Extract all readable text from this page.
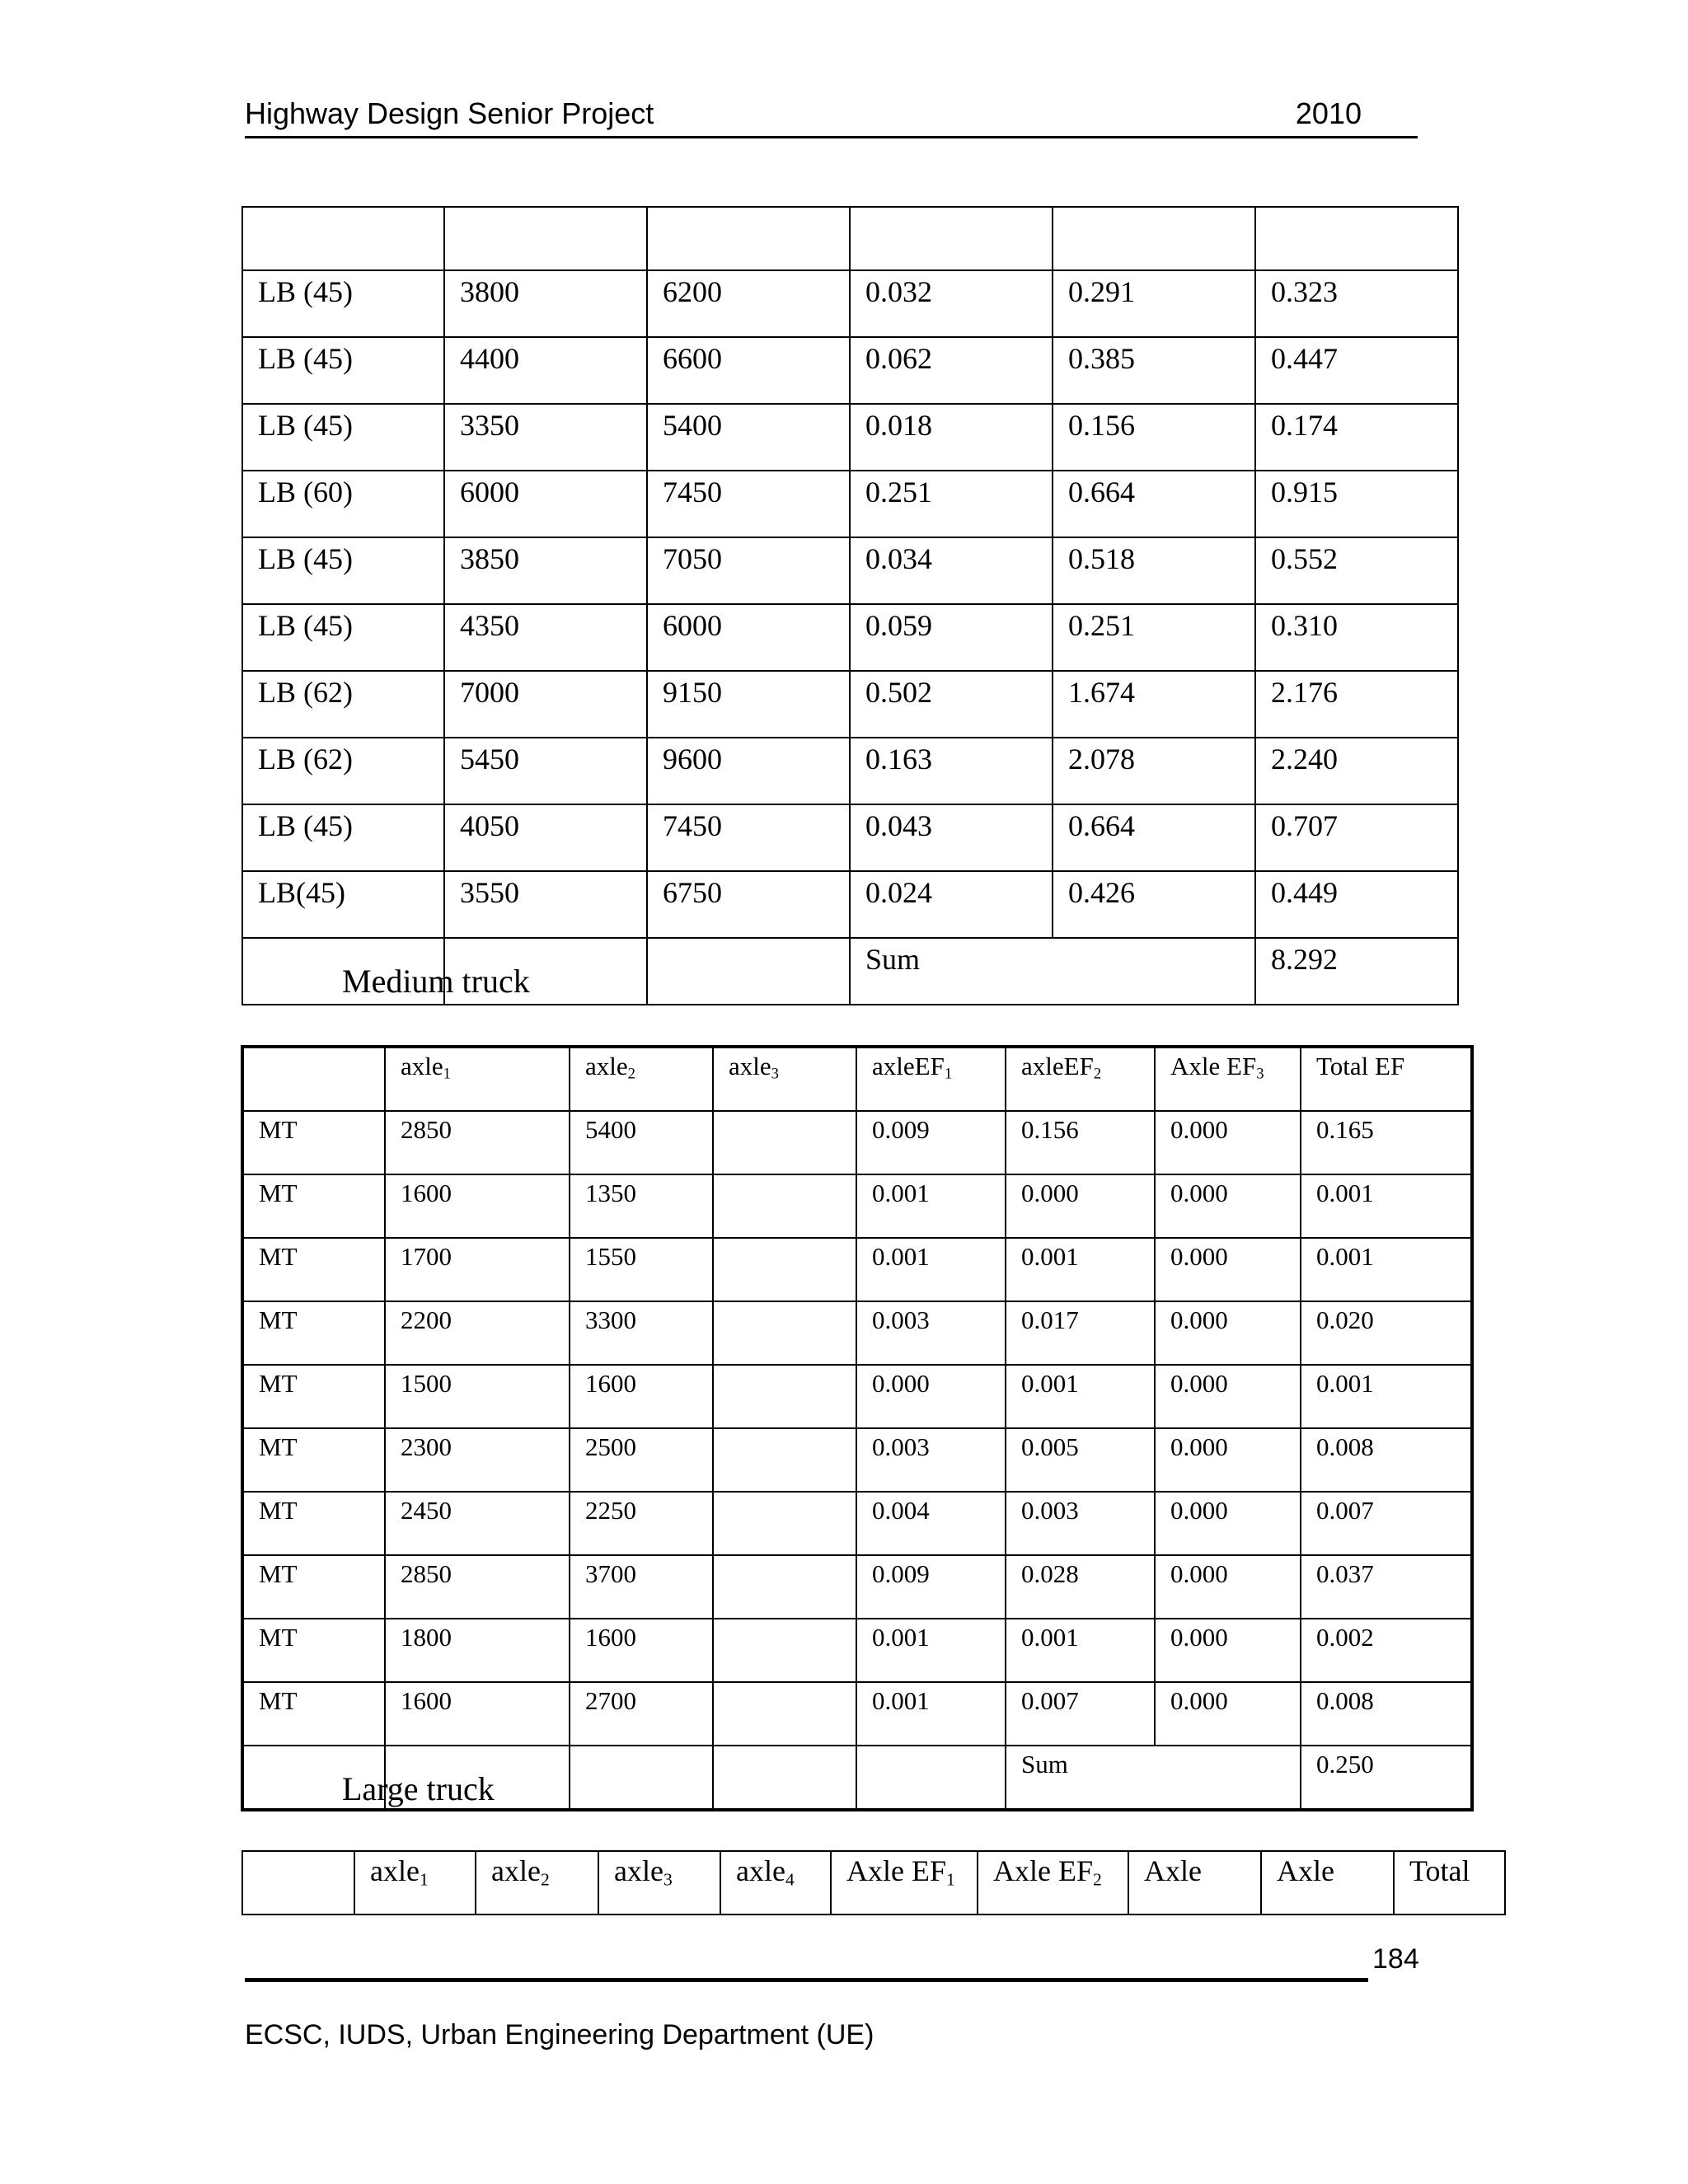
Highway Design Senior Project	2010

LB (45)	3800	6200	0.032	0.291	0.323
LB (45)	4400	6600	0.062	0.385	0.447
LB (45)	3350	5400	0.018	0.156	0.174
LB (60)	6000	7450	0.251	0.664	0.915
LB (45)	3850	7050	0.034	0.518	0.552
LB (45)	4350	6000	0.059	0.251	0.310
LB (62)	7000	9150	0.502	1.674	2.176
LB (62)	5450	9600	0.163	2.078	2.240
LB (45)	4050	7450	0.043	0.664	0.707
LB(45)	3550	6750	0.024	0.426	0.449
			Sum		8.292
Medium truck
	axle$_1$	axle$_2$	axle$_3$	axleEF$_1$	axleEF$_2$	Axle $EF_3$	Total EF
MT	2850	5400		0.009	0.156	0.000	0.165
MT	1600	1350		0.001	0.000	0.000	0.001
MT	1700	1550		0.001	0.001	0.000	0.001
MT	2200	3300		0.003	0.017	0.000	0.020
MT	1500	1600		0.000	0.001	0.000	0.001
MT	2300	2500		0.003	0.005	0.000	0.008
MT	2450	2250		0.004	0.003	0.000	0.007
MT	2850	3700		0.009	0.028	0.000	0.037
MT	1800	1600		0.001	0.001	0.000	0.002
MT	1600	2700		0.001	0.007	0.000	0.008
					Sum		0.250
Large truck
	axle$_1$	axle$_2$	axle$_3$	axle$_4$	Axle $EF_1$	Axle $EF_2$	Axle	Axle	Total
184
ECSC, IUDS, Urban Engineering Department (UE)
